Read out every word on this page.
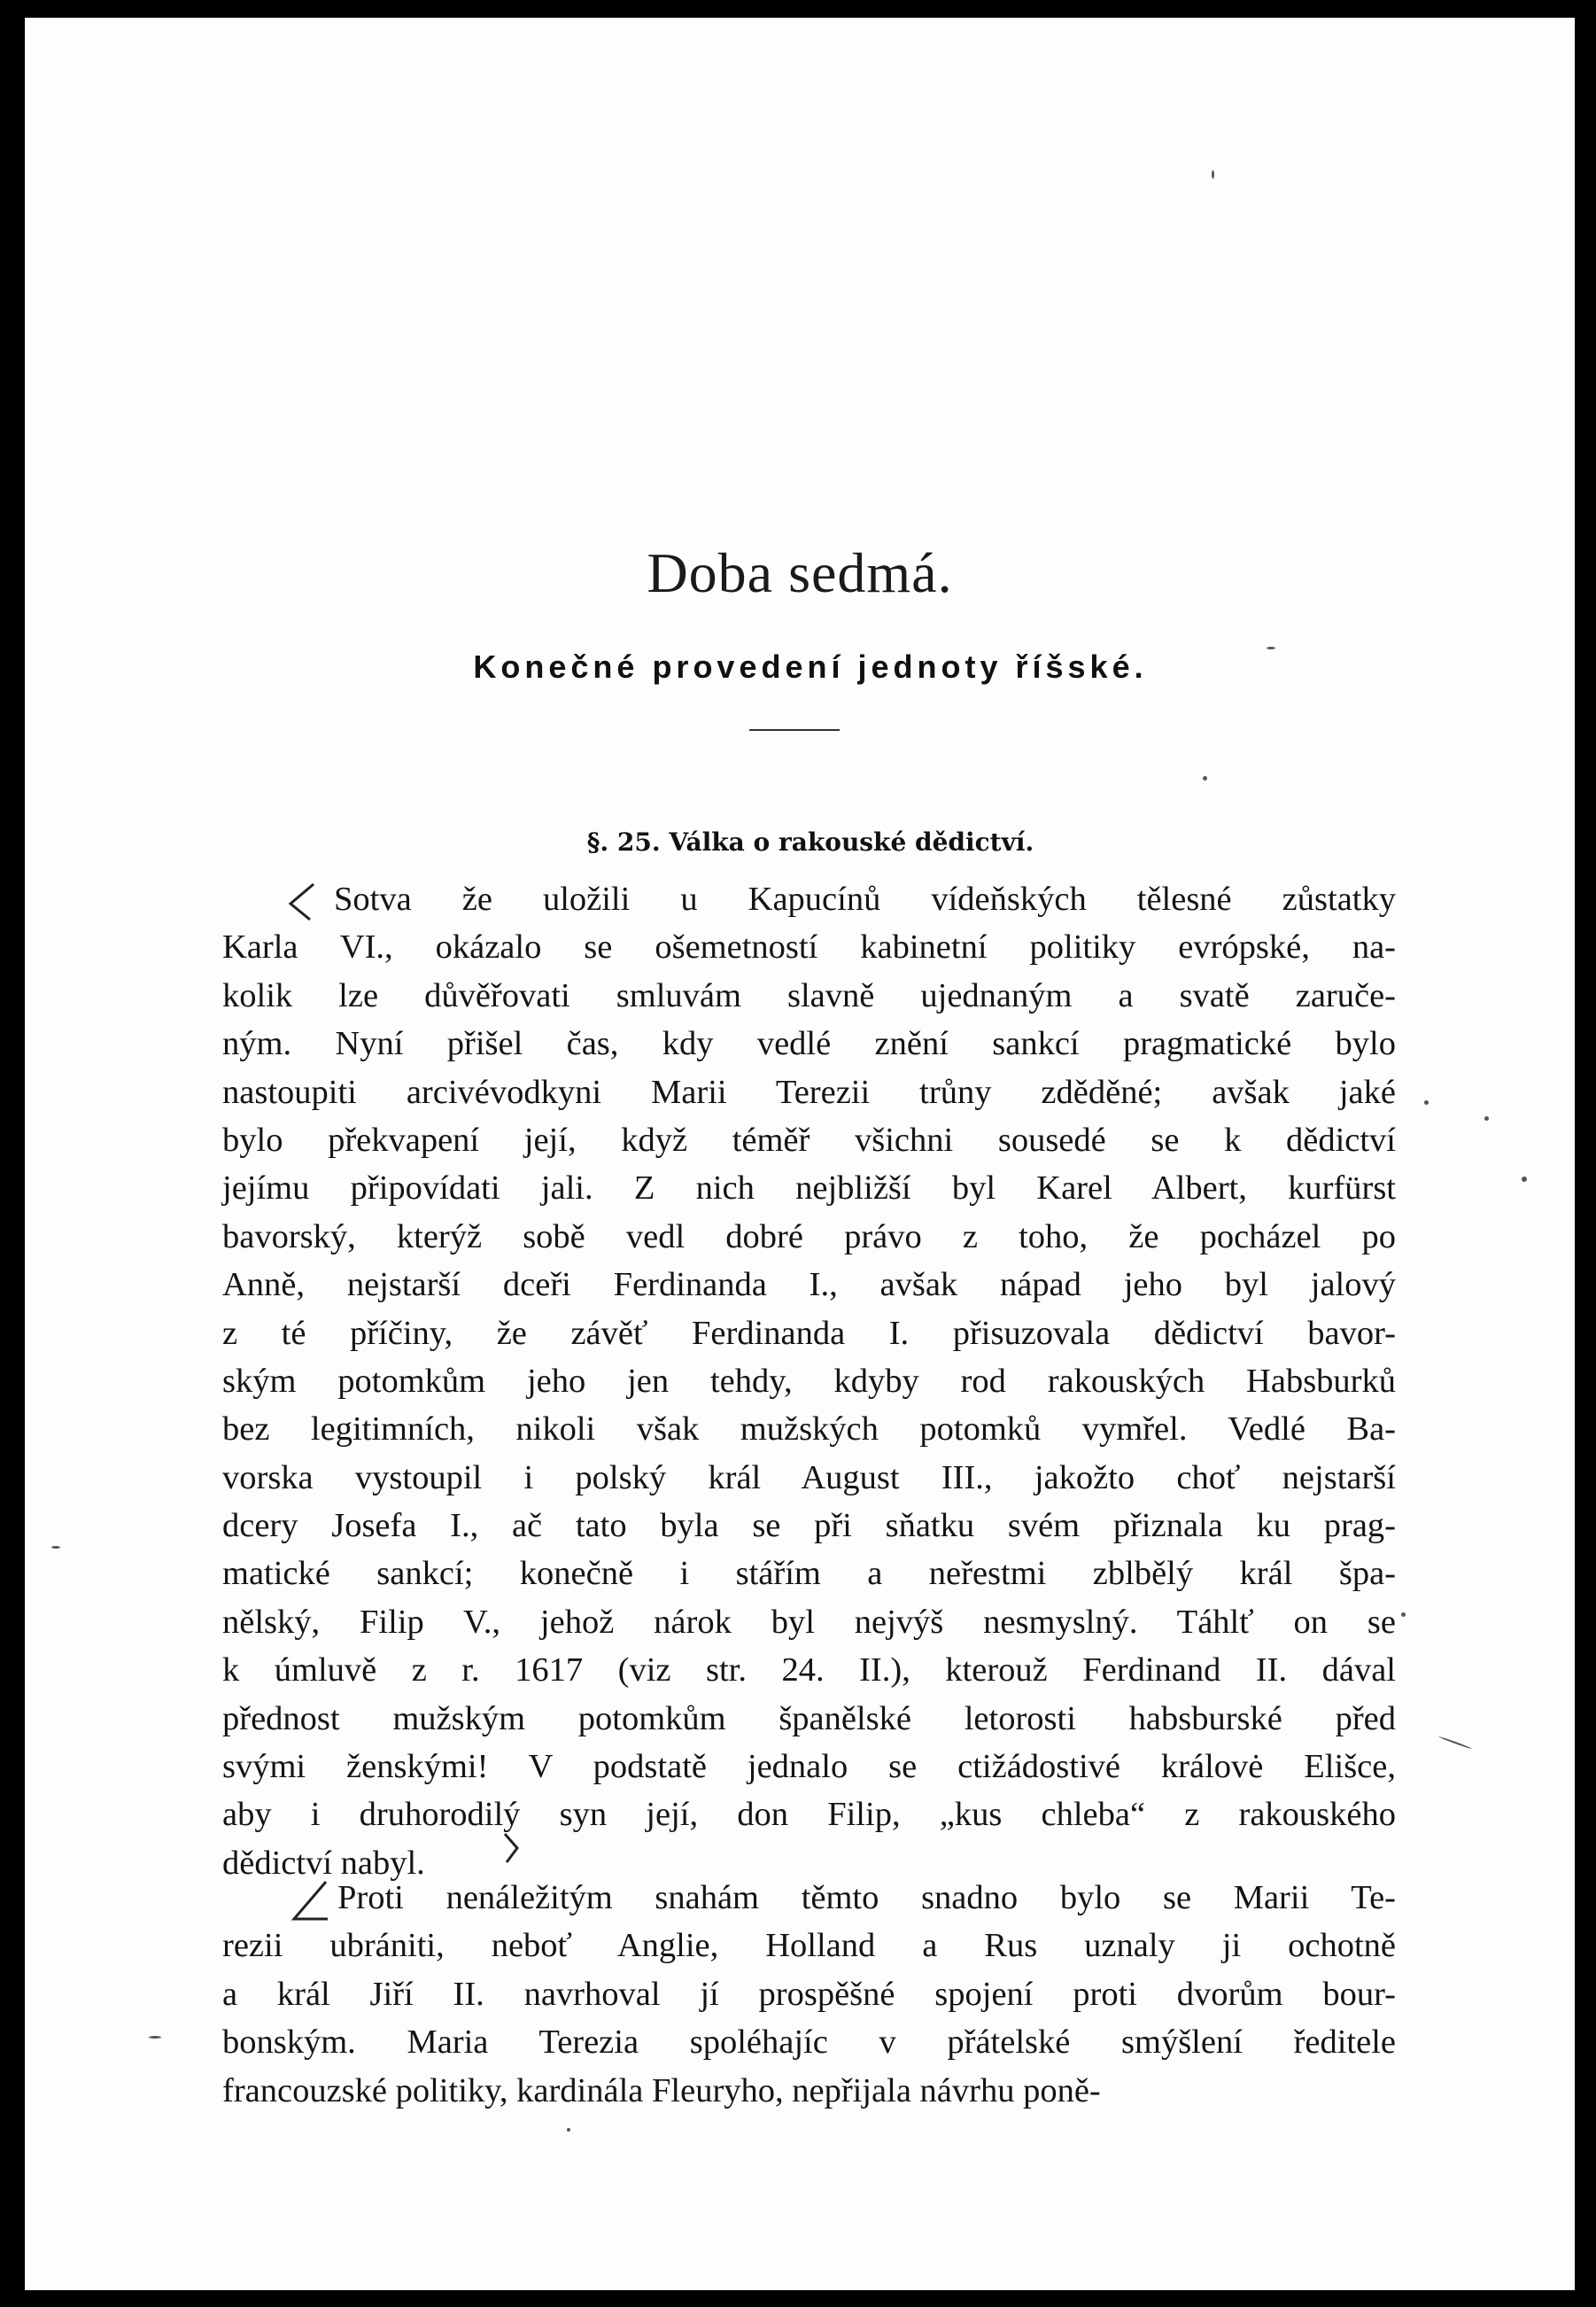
Doba sedmá.
Konečné provedení jednoty říšské.
§. 25. Válka o rakouské dědictví.
Sotva že uložili u Kapucínů vídeňských tělesné zůstatky
Karla VI., okázalo se ošemetností kabinetní politiky evrópské, na-
kolik lze důvěřovati smluvám slavně ujednaným a svatě zaruče-
ným. Nyní přišel čas, kdy vedlé znění sankcí pragmatické bylo
nastoupiti arcivévodkyni Marii Terezii trůny zděděné; avšak jaké
bylo překvapení její, když téměř všichni sousedé se k dědictví
jejímu připovídati jali. Z nich nejbližší byl Karel Albert, kurfürst
bavorský, kterýž sobě vedl dobré právo z toho, že pocházel po
Anně, nejstarší dceři Ferdinanda I., avšak nápad jeho byl jalový
z té příčiny, že závěť Ferdinanda I. přisuzovala dědictví bavor-
ským potomkům jeho jen tehdy, kdyby rod rakouských Habsburků
bez legitimních, nikoli však mužských potomků vymřel. Vedlé Ba-
vorska vystoupil i polský král August III., jakožto choť nejstarší
dcery Josefa I., ač tato byla se při sňatku svém přiznala ku prag-
matické sankcí; konečně i stářím a neřestmi zblbělý král špa-
nělský, Filip V., jehož nárok byl nejvýš nesmyslný. Táhlť on se
k úmluvě z r. 1617 (viz str. 24. II.), kterouž Ferdinand II. dával
přednost mužským potomkům španělské letorosti habsburské před
svými ženskými! V podstatě jednalo se ctižádostivé královė Elišce,
aby i druhorodilý syn její, don Filip, „kus chleba“ z rakouského
dědictví nabyl.
Proti nenáležitým snahám těmto snadno bylo se Marii Te-
rezii ubrániti, neboť Anglie, Holland a Rus uznaly ji ochotně
a král Jiří II. navrhoval jí prospěšné spojení proti dvorům bour-
bonským. Maria Terezia spoléhajíc v přátelské smýšlení ředitele
francouzské politiky, kardinála Fleuryho, nepřijala návrhu poně-
